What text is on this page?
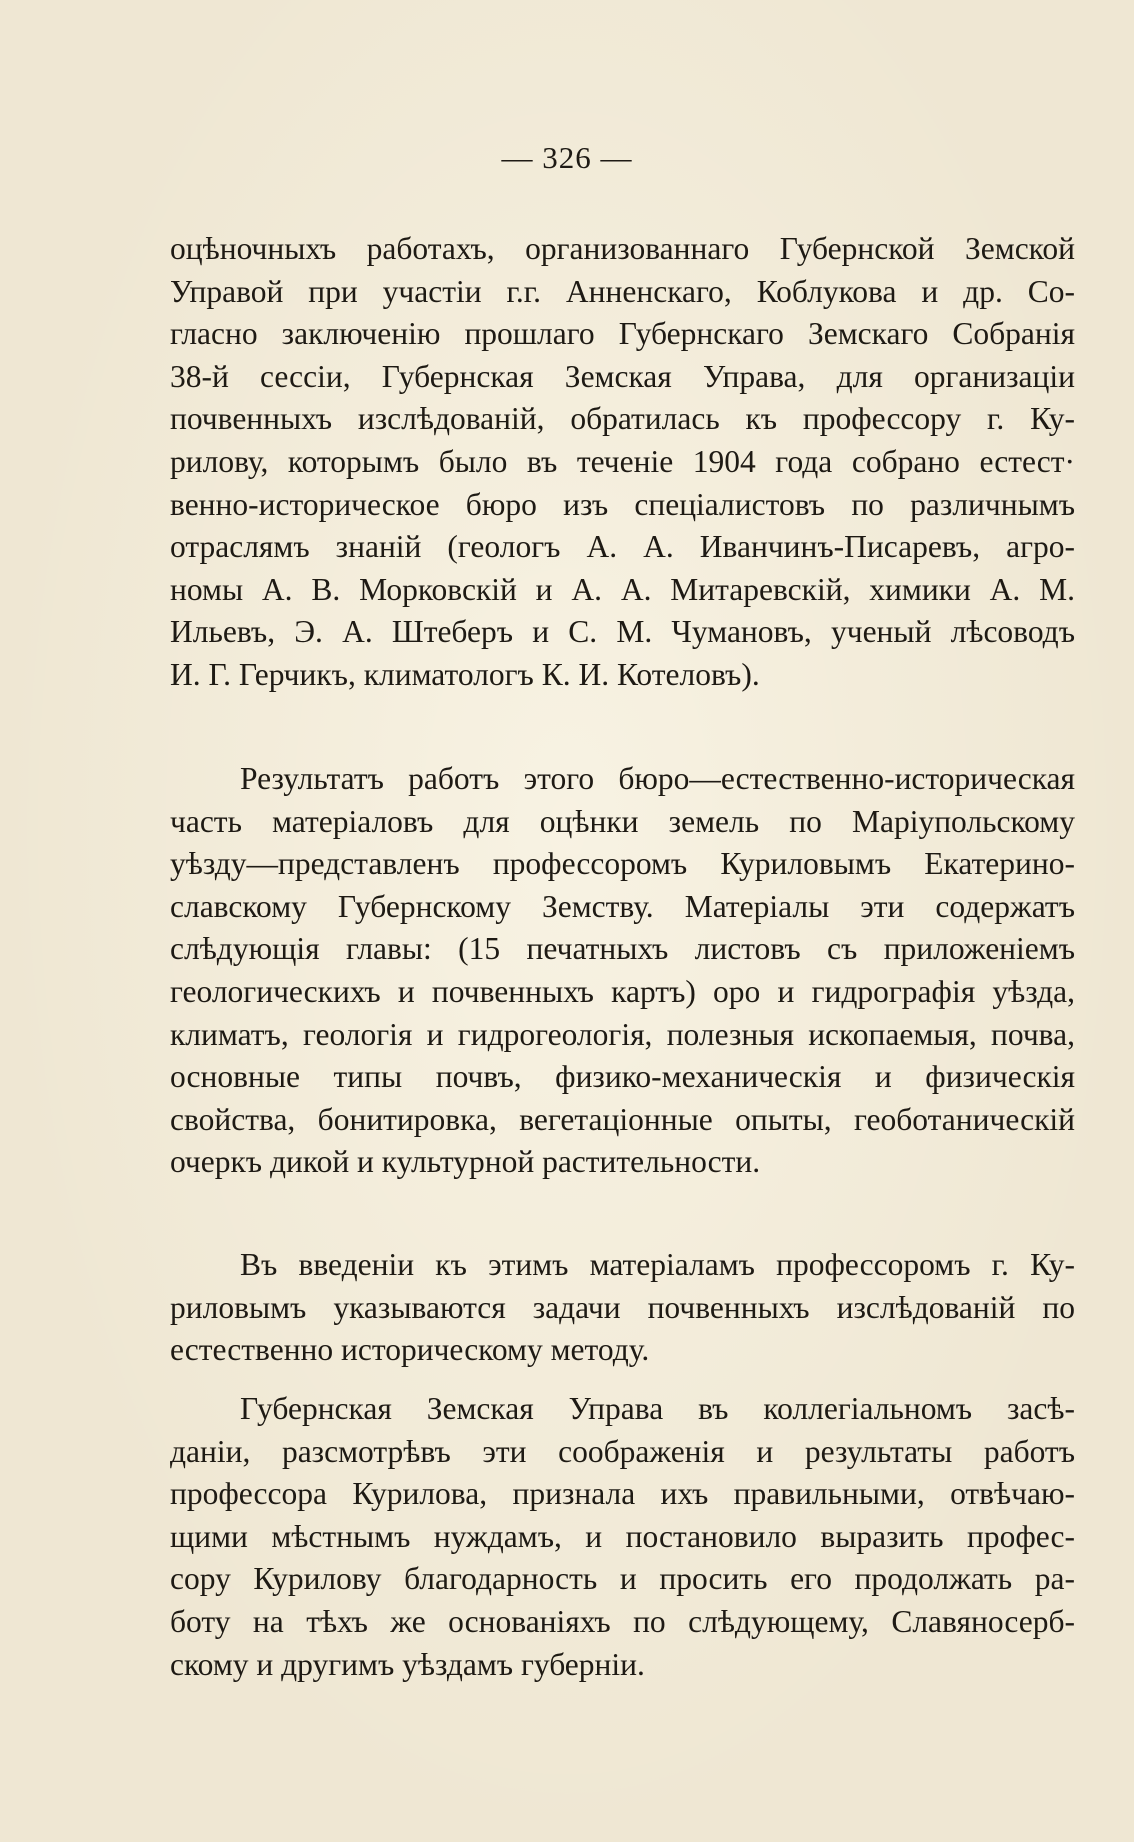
— 326 —

оцѣночныхъ работахъ, организованнаго Губернской Земской
Управой при участіи г.г. Анненскаго, Коблукова и др. Со-
гласно заключенію прошлаго Губернскаго Земскаго Собранія
38-й сессіи, Губернская Земская Управа, для организаціи
почвенныхъ изслѣдованій, обратилась къ профессору г. Ку-
рилову, которымъ было въ теченіе 1904 года собрано естест·
венно-историческое бюро изъ спеціалистовъ по различнымъ
отраслямъ знаній (геологъ А. А. Иванчинъ-Писаревъ, агро-
номы А. В. Морковскій и А. А. Митаревскій, химики А. М.
Ильевъ, Э. А. Штеберъ и С. М. Чумановъ, ученый лѣсоводъ
И. Г. Герчикъ, климатологъ К. И. Котеловъ).

Результатъ работъ этого бюро—естественно-историческая
часть матеріаловъ для оцѣнки земель по Маріупольскому
уѣзду—представленъ профессоромъ Куриловымъ Екатерино-
славскому Губернскому Земству. Матеріалы эти содержатъ
слѣдующія главы: (15 печатныхъ листовъ съ приложеніемъ
геологическихъ и почвенныхъ картъ) оро и гидрографія уѣзда,
климатъ, геологія и гидрогеологія, полезныя ископаемыя, почва,
основные типы почвъ, физико-механическія и физическія
свойства, бонитировка, вегетаціонные опыты, геоботаническій
очеркъ дикой и культурной растительности.

Въ введеніи къ этимъ матеріаламъ профессоромъ г. Ку-
риловымъ указываются задачи почвенныхъ изслѣдованій по
естественно историческому методу.

Губернская Земская Управа въ коллегіальномъ засѣ-
даніи, разсмотрѣвъ эти соображенія и результаты работъ
профессора Курилова, признала ихъ правильными, отвѣчаю-
щими мѣстнымъ нуждамъ, и постановило выразить профес-
сору Курилову благодарность и просить его продолжать ра-
боту на тѣхъ же основаніяхъ по слѣдующему, Славяносерб-
скому и другимъ уѣздамъ губерніи.
